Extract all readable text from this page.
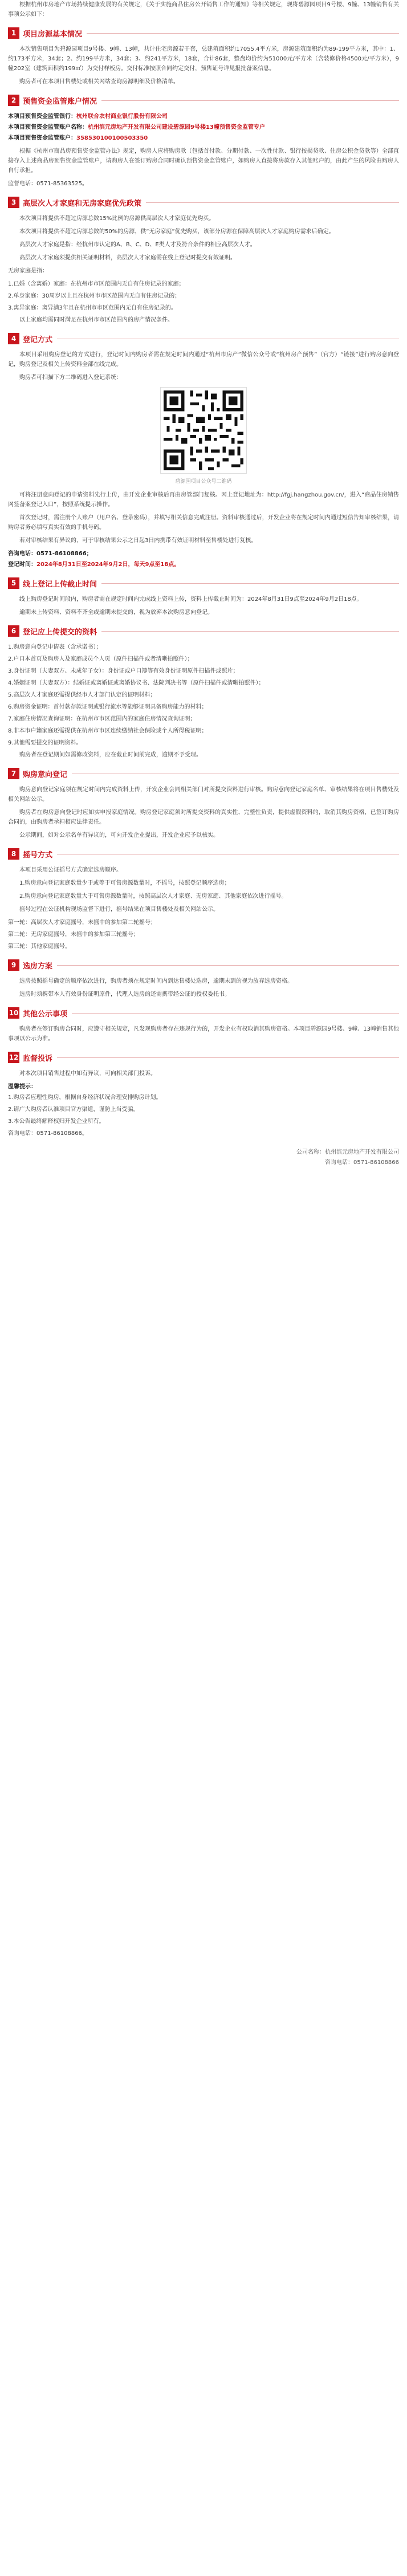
根据杭州市房地产市场持续健康发展的有关规定，《关于实施商品住房公开销售工作的通知》等相关规定，现将碧源园项目9号楼、9幢、13幢销售有关事项公示如下：

1 项目房源基本情况

本次销售项目为碧源园项目9号楼、9幢、13幢，共计住宅房源若干套，总建筑面积约17055.4平方米，房源建筑面积约为89-199平方米，其中：1、约173平方米，34套；2、约199平方米，34套；3、约241平方米，18套，合计86套，整盘均价约为51000元/平方米（含装修价格4500元/平方米），9幢202室（建筑面积约199㎡）为交付样板房。交付标准按照合同约定交付，预售证号详见报批备案信息。

购房者可在本项目售楼处或相关网站查询房源明细及价格清单。

2 预售资金监管账户情况

本项目预售资金监管银行：杭州联合农村商业银行股份有限公司

本项目预售资金监管账户名称：杭州滨元房地产开发有限公司建设碧源园9号楼13幢预售资金监管专户

本项目预售资金监管账户：358530100100503350

根据《杭州市商品房预售资金监管办法》规定，购房人应将购房款（包括首付款、分期付款、一次性付款、银行按揭贷款、住房公积金贷款等）全部直接存入上述商品房预售资金监管账户，请购房人在签订购房合同时确认预售资金监管账户，如购房人直接将房款存入其他账户的，由此产生的风险由购房人自行承担。

监督电话：0571-85363525。

3 高层次人才家庭和无房家庭优先政策

本次项目将提供不超过房源总数15%比例的房源供高层次人才家庭优先购买。

本次项目将提供不超过房源总数的50%的房源，供“无房家庭”优先购买，该部分房源在保障高层次人才家庭购房需求后确定。

高层次人才家庭是指：经杭州市认定的A、B、C、D、E类人才及符合条件的相应高层次人才。

高层次人才家庭须提供相关证明材料，高层次人才家庭需在线上登记时提交有效证明。

无房家庭是指：

1.已婚（含离婚）家庭：在杭州市市区范围内无自有住房记录的家庭；

2.单身家庭：30周岁以上且在杭州市市区范围内无自有住房记录的；

3.离异家庭：离异满3年且在杭州市市区范围内无自有住房记录的。

以上家庭均需同时满足在杭州市市区范围内的房产情况条件。

4 登记方式

本项目采用购房登记的方式进行，登记时间内购房者需在规定时间内通过“杭州市房产”微信公众号或“杭州房产预售”（官方）“链接”进行购房意向登记，购房登记及相关上传资料全部在线完成。

购房者可扫描下方二维码进入登记系统：

碧源园项目公众号二维码

可将注册意向登记的申请资料先行上传，由开发企业审核后再由房管部门复核。网上登记地址为：http://fgj.hangzhou.gov.cn/，进入“商品住房销售网签备案登记入口”，按照系统提示操作。

首次登记时，需注册个人账户（用户名、登录密码），并填写相关信息完成注册。资料审核通过后，开发企业将在规定时间内通过短信告知审核结果，请购房者务必填写真实有效的手机号码。

若对审核结果有异议的，可于审核结果公示之日起3日内携带有效证明材料至售楼处进行复核。

咨询电话：0571-86108866；

登记时间：2024年8月31日至2024年9月2日，每天9点至18点。

5 线上登记上传截止时间

线上购房登记时间段内，购房者需在规定时间内完成线上资料上传，资料上传截止时间为：2024年8月31日9点至2024年9月2日18点。

逾期未上传资料、资料不齐全或逾期未提交的，视为放弃本次购房意向登记。

6 登记应上传提交的资料

1.购房意向登记申请表（含承诺书）；

2.户口本首页及购房人及家庭成员个人页（原件扫描件或者清晰拍照件）；

3.身份证明（夫妻双方、未成年子女）：身份证或户口簿等有效身份证明原件扫描件或照片；

4.婚姻证明（夫妻双方）：结婚证或离婚证或离婚协议书、法院判决书等（原件扫描件或清晰拍照件）；

5.高层次人才家庭还需提供经市人才部门认定的证明材料；

6.购房资金证明：首付款存款证明或银行流水等能够证明具备购房能力的材料；

7.家庭住房情况查询证明：在杭州市市区范围内的家庭住房情况查询证明；

8.非本市户籍家庭还需提供在杭州市市区连续缴纳社会保险或个人所得税证明；

9.其他需要提交的证明资料。

购房者在登记期间如需修改资料，应在截止时间前完成，逾期不予受理。

7 购房意向登记

购房意向登记家庭须在规定时间内完成资料上传，开发企业会同相关部门对所提交资料进行审核。购房意向登记家庭名单、审核结果将在项目售楼处及相关网站公示。

购房者在购房意向登记时应如实申报家庭情况。购房登记家庭须对所提交资料的真实性、完整性负责，提供虚假资料的，取消其购房资格，已签订购房合同的，由购房者承担相应法律责任。

公示期间，如对公示名单有异议的，可向开发企业提出，开发企业应予以核实。

8 摇号方式

本项目采用公证摇号方式确定选房顺序。

1.购房意向登记家庭数量少于或等于可售房源数量时，不摇号，按照登记顺序选房；

2.购房意向登记家庭数量大于可售房源数量时，按照高层次人才家庭、无房家庭、其他家庭依次进行摇号。

摇号过程在公证机构现场监督下进行，摇号结果在项目售楼处及相关网站公示。

第一轮：高层次人才家庭摇号，未摇中的参加第二轮摇号；

第二轮：无房家庭摇号，未摇中的参加第三轮摇号；

第三轮：其他家庭摇号。

9 选房方案

选房按照摇号确定的顺序依次进行，购房者须在规定时间内到达售楼处选房，逾期未到的视为放弃选房资格。

选房时须携带本人有效身份证明原件，代理人选房的还需携带经公证的授权委托书。

10 其他公示事项

购房者在签订购房合同时，应遵守相关规定，凡发现购房者存在违规行为的，开发企业有权取消其购房资格。本项目碧源园9号楼、9幢、13幢销售其他事项以公示为准。

12 监督投诉

对本次项目销售过程中如有异议，可向相关部门投诉。

温馨提示：

1.购房者应理性购房，根据自身经济状况合理安排购房计划。

2.请广大购房者认准项目官方渠道，谨防上当受骗。

3.本公告最终解释权归开发企业所有。

咨询电话：0571-86108866。

公司名称：杭州滨元房地产开发有限公司
咨询电话：0571-86108866
